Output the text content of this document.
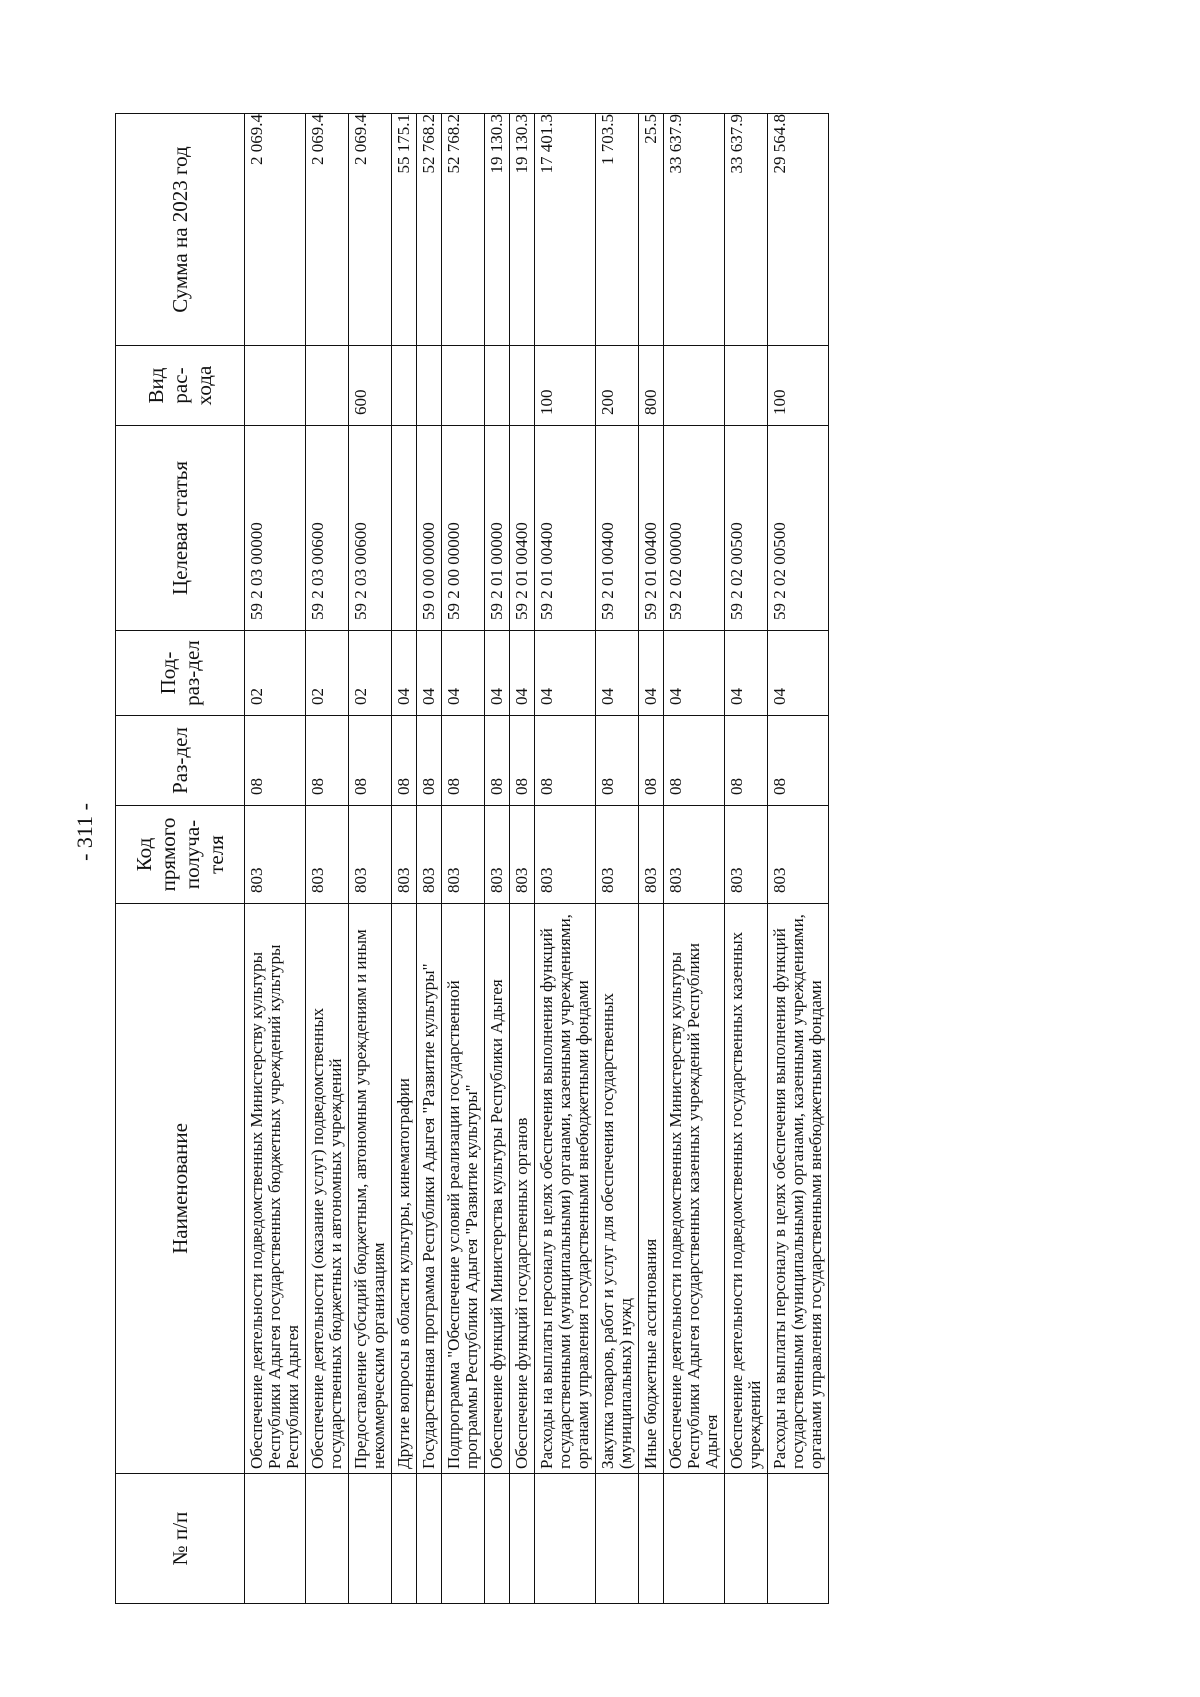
- 311 -
№ п/п	Наименование	Код прямого получа-теля	Раз-дел	Под-раз-дел	Целевая статья	Вид рас-хода	Сумма на 2023 год
	Обеспечение деятельности подведомственных Министерству культуры Республики Адыгея государственных бюджетных учреждений культуры Республики Адыгея	803	08	02	59 2 03 00000		2 069.4
	Обеспечение деятельности (оказание услуг) подведомственных государственных бюджетных и автономных учреждений	803	08	02	59 2 03 00600		2 069.4
	Предоставление субсидий бюджетным, автономным учреждениям и иным некоммерческим организациям	803	08	02	59 2 03 00600	600	2 069.4
	Другие вопросы в области культуры, кинематографии	803	08	04			55 175.1
	Государственная программа Республики Адыгея "Развитие культуры"	803	08	04	59 0 00 00000		52 768.2
	Подпрограмма "Обеспечение условий реализации государственной программы Республики Адыгея "Развитие культуры"	803	08	04	59 2 00 00000		52 768.2
	Обеспечение функций Министерства культуры Республики Адыгея	803	08	04	59 2 01 00000		19 130.3
	Обеспечение функций государственных органов	803	08	04	59 2 01 00400		19 130.3
	Расходы на выплаты персоналу в целях обеспечения выполнения функций государственными (муниципальными) органами, казенными учреждениями, органами управления государственными внебюджетными фондами	803	08	04	59 2 01 00400	100	17 401.3
	Закупка товаров, работ и услуг для обеспечения государственных (муниципальных) нужд	803	08	04	59 2 01 00400	200	1 703.5
	Иные бюджетные ассигнования	803	08	04	59 2 01 00400	800	25.5
	Обеспечение деятельности подведомственных Министерству культуры Республики Адыгея государственных казенных учреждений Республики Адыгея	803	08	04	59 2 02 00000		33 637.9
	Обеспечение деятельности подведомственных государственных казенных учреждений	803	08	04	59 2 02 00500		33 637.9
	Расходы на выплаты персоналу в целях обеспечения выполнения функций государственными (муниципальными) органами, казенными учреждениями, органами управления государственными внебюджетными фондами	803	08	04	59 2 02 00500	100	29 564.8
